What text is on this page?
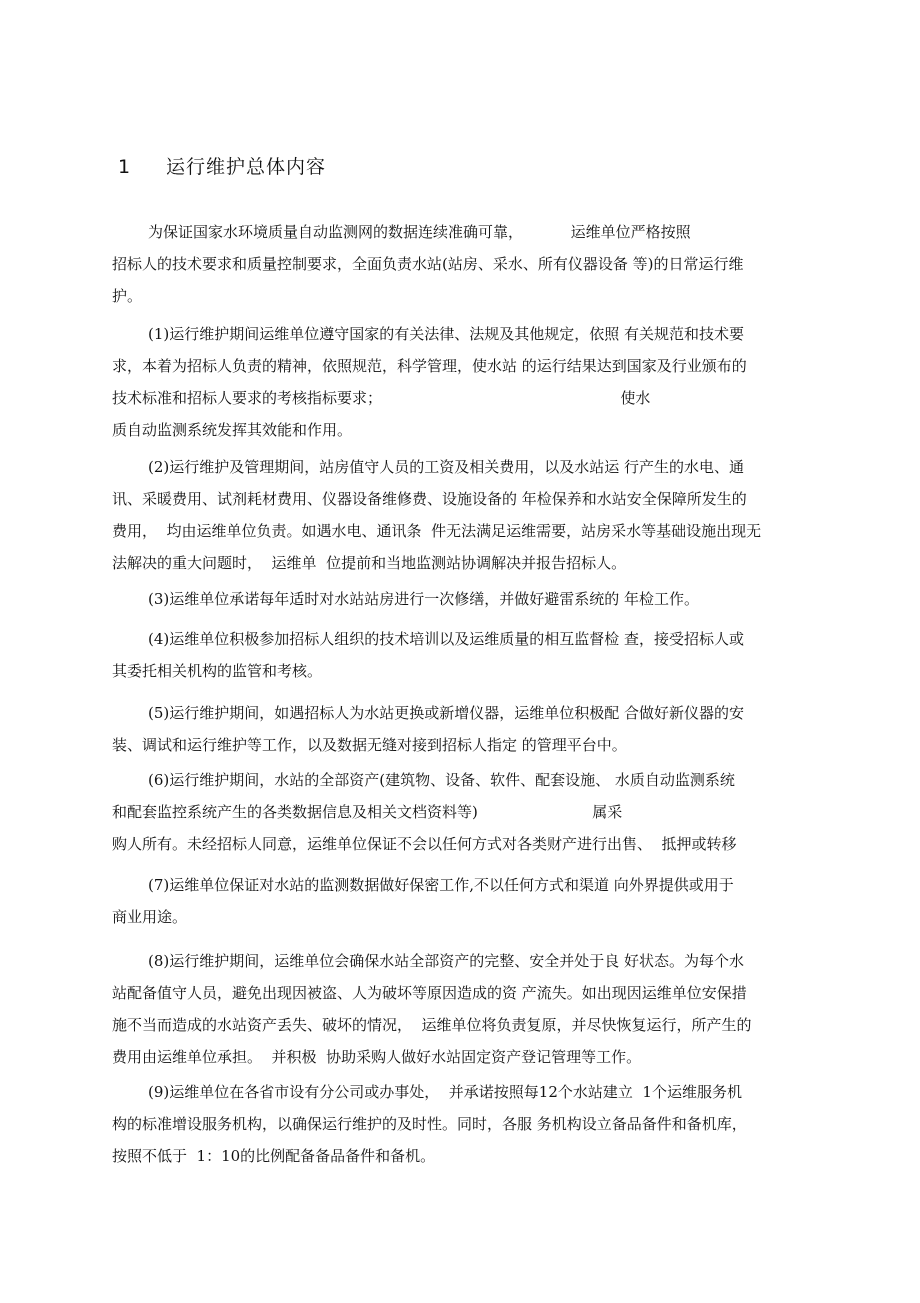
1 运行维护总体内容
为保证国家水环境质量自动监测网的数据连续准确可靠，          运维单位严格按照
招标人的技术要求和质量控制要求，全面负责水站(站房、采水、所有仪器设备 等)的日常运行维
护。
(1)运行维护期间运维单位遵守国家的有关法律、法规及其他规定，依照 有关规范和技术要
求，本着为招标人负责的精神，依照规范，科学管理，使水站 的运行结果达到国家及行业颁布的
技术标准和招标人要求的考核指标要求；                                                  使水
质自动监测系统发挥其效能和作用。
(2)运行维护及管理期间，站房值守人员的工资及相关费用，以及水站运 行产生的水电、通
讯、采暖费用、试剂耗材费用、仪器设备维修费、设施设备的 年检保养和水站安全保障所发生的
费用，  均由运维单位负责。如遇水电、通讯条  件无法满足运维需要，站房采水等基础设施出现无
法解决的重大问题时，  运维单  位提前和当地监测站协调解决并报告招标人。
(3)运维单位承诺每年适时对水站站房进行一次修缮，并做好避雷系统的 年检工作。
(4)运维单位积极参加招标人组织的技术培训以及运维质量的相互监督检 查，接受招标人或
其委托相关机构的监管和考核。
(5)运行维护期间，如遇招标人为水站更换或新增仪器，运维单位积极配 合做好新仪器的安
装、调试和运行维护等工作，以及数据无缝对接到招标人指定 的管理平台中。
(6)运行维护期间，水站的全部资产(建筑物、设备、软件、配套设施、 水质自动监测系统
和配套监控系统产生的各类数据信息及相关文档资料等)                        属采
购人所有。未经招标人同意，运维单位保证不会以任何方式对各类财产进行出售、  抵押或转移
(7)运维单位保证对水站的监测数据做好保密工作,不以任何方式和渠道 向外界提供或用于
商业用途。
(8)运行维护期间，运维单位会确保水站全部资产的完整、安全并处于良 好状态。为每个水
站配备值守人员，避免出现因被盗、人为破坏等原因造成的资 产流失。如出现因运维单位安保措
施不当而造成的水站资产丢失、破坏的情况，  运维单位将负责复原，并尽快恢复运行，所产生的
费用由运维单位承担。  并积极  协助采购人做好水站固定资产登记管理等工作。
(9)运维单位在各省市设有分公司或办事处，  并承诺按照每12个水站建立  1个运维服务机
构的标准增设服务机构，以确保运行维护的及时性。同时，各服 务机构设立备品备件和备机库，
按照不低于  1：10的比例配备备品备件和备机。
